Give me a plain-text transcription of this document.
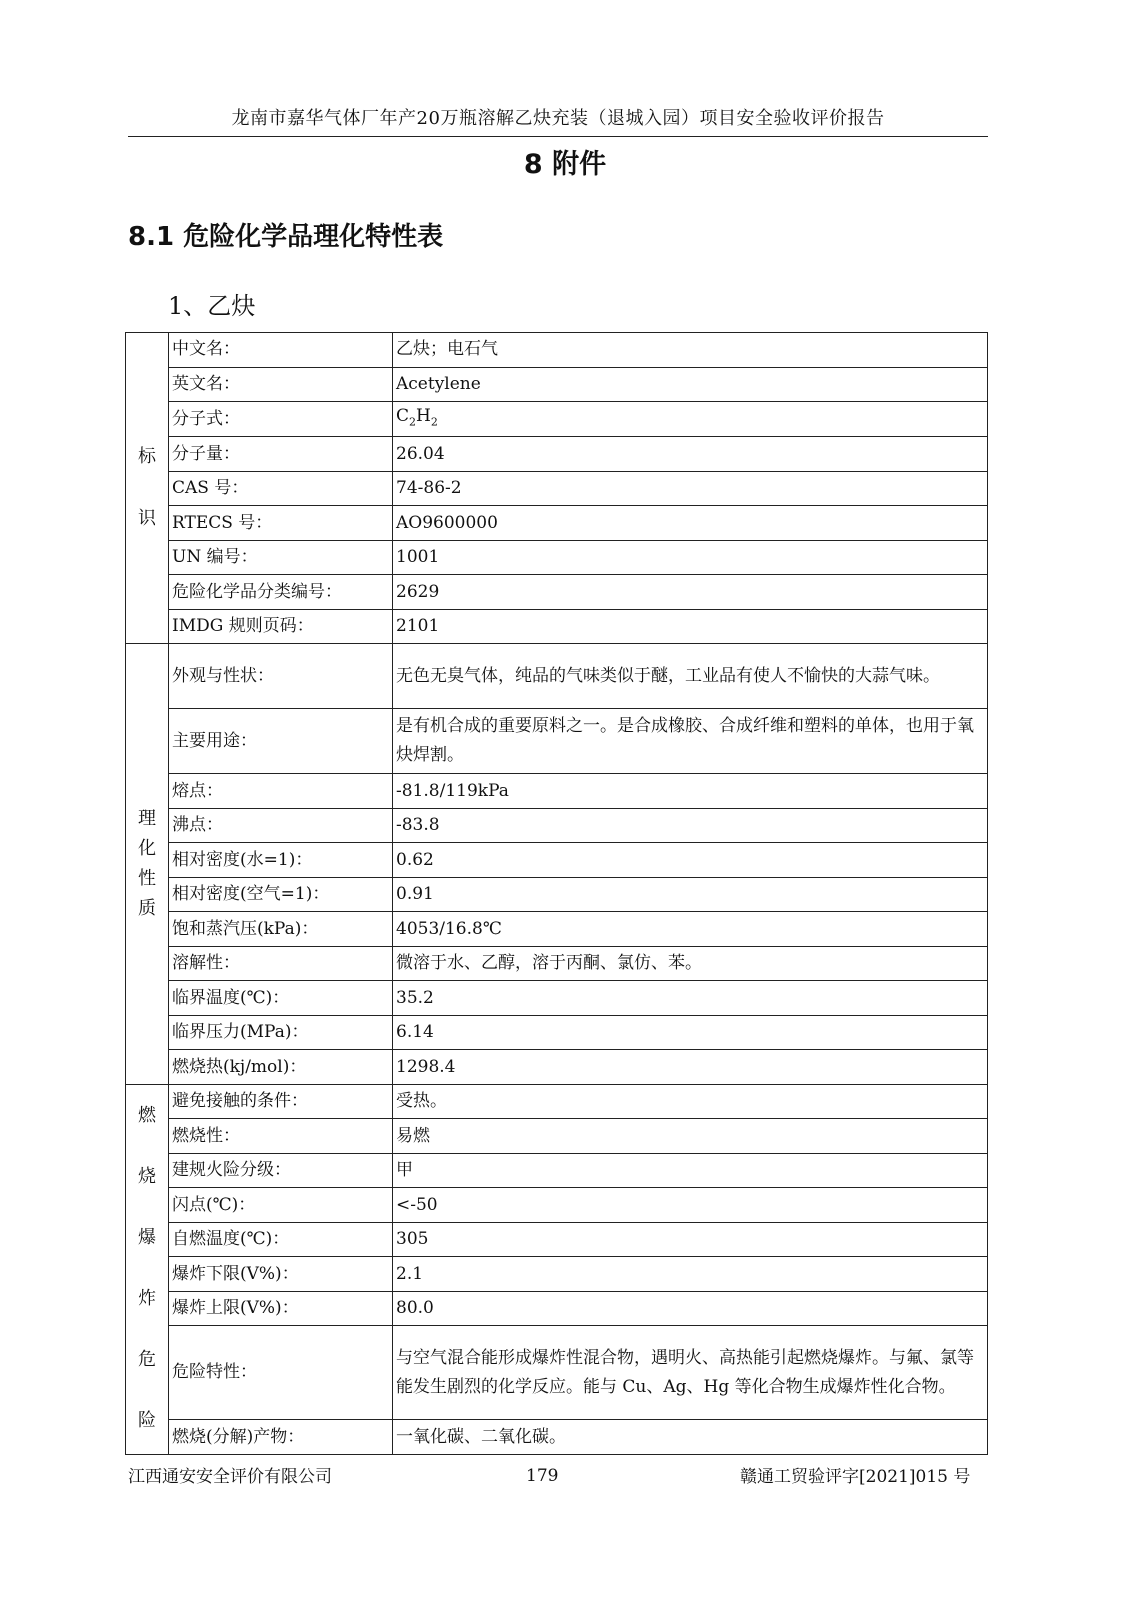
龙南市嘉华气体厂年产20万瓶溶解乙炔充装（退城入园）项目安全验收评价报告
8 附件
8.1 危险化学品理化特性表
1、乙炔
标识	中文名：	乙炔；电石气
	英文名：	Acetylene
	分子式：	$C_2H_2$
	分子量：	26.04
	CAS 号：	74-86-2
	RTECS 号：	AO9600000
	UN 编号：	1001
	危险化学品分类编号：	2629
	IMDG 规则页码：	2101
理化性质	外观与性状：	无色无臭气体，纯品的气味类似于醚，工业品有使人不愉快的大蒜气味。
	主要用途：	是有机合成的重要原料之一。是合成橡胶、合成纤维和塑料的单体，也用于氧炔焊割。
	熔点：	-81.8/119kPa
	沸点：	-83.8
	相对密度(水=1)：	0.62
	相对密度(空气=1)：	0.91
	饱和蒸汽压(kPa)：	4053/16.8℃
	溶解性：	微溶于水、乙醇，溶于丙酮、氯仿、苯。
	临界温度(℃)：	35.2
	临界压力(MPa)：	6.14
	燃烧热(kj/mol)：	1298.4
燃烧爆炸危险	避免接触的条件：	受热。
	燃烧性：	易燃
	建规火险分级：	甲
	闪点(℃)：	<-50
	自燃温度(℃)：	305
	爆炸下限(V%)：	2.1
	爆炸上限(V%)：	80.0
	危险特性：	与空气混合能形成爆炸性混合物，遇明火、高热能引起燃烧爆炸。与氟、氯等能发生剧烈的化学反应。能与 Cu、Ag、Hg 等化合物生成爆炸性化合物。
	燃烧(分解)产物：	一氧化碳、二氧化碳。
江西通安安全评价有限公司	179	赣通工贸验评字[2021]015 号
